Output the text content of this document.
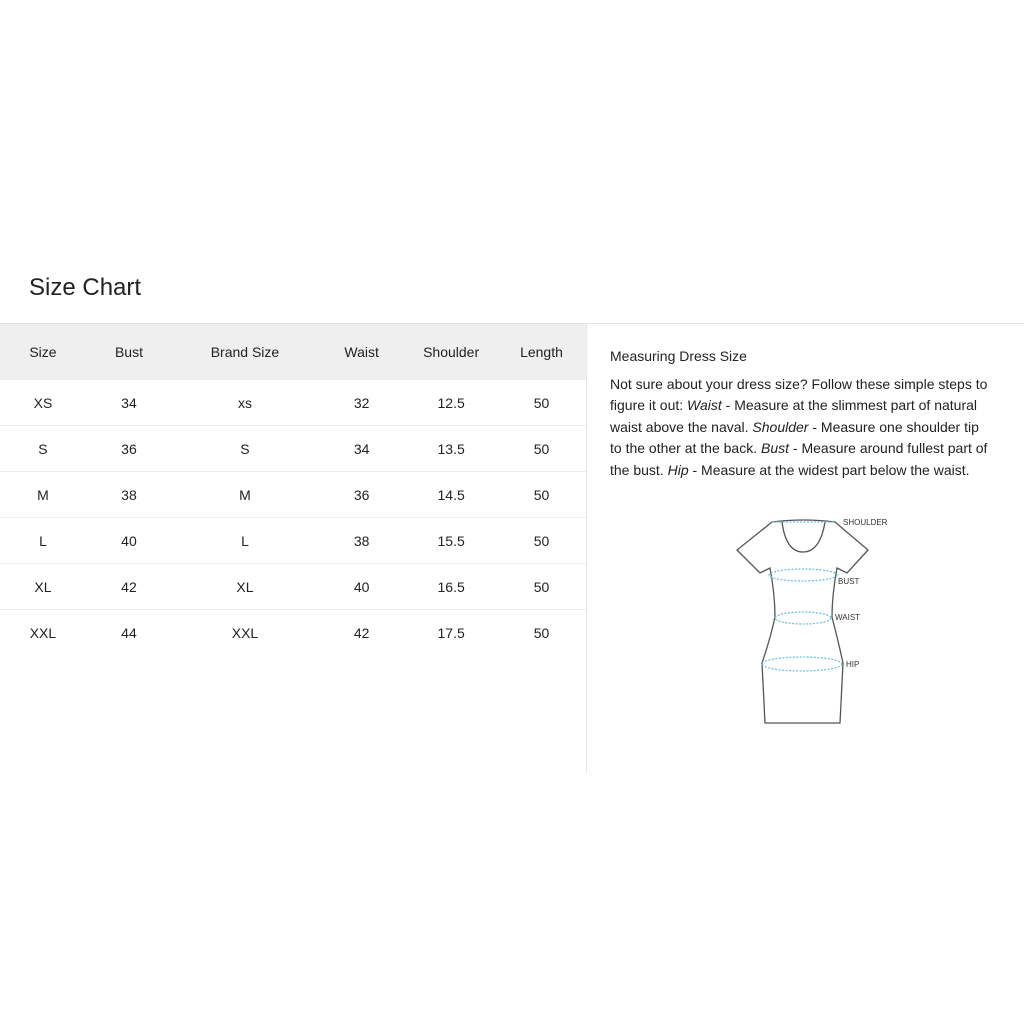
Size Chart
Size	Bust	Brand Size	Waist	Shoulder	Length
XS	34	xs	32	12.5	50
S	36	S	34	13.5	50
M	38	M	36	14.5	50
L	40	L	38	15.5	50
XL	42	XL	40	16.5	50
XXL	44	XXL	42	17.5	50
Measuring Dress Size

Not sure about your dress size? Follow these simple steps to figure it out: Waist - Measure at the slimmest part of natural waist above the naval. Shoulder - Measure one shoulder tip to the other at the back. Bust - Measure around fullest part of the bust. Hip - Measure at the widest part below the waist.

SHOULDER
BUST
WAIST
HIP
